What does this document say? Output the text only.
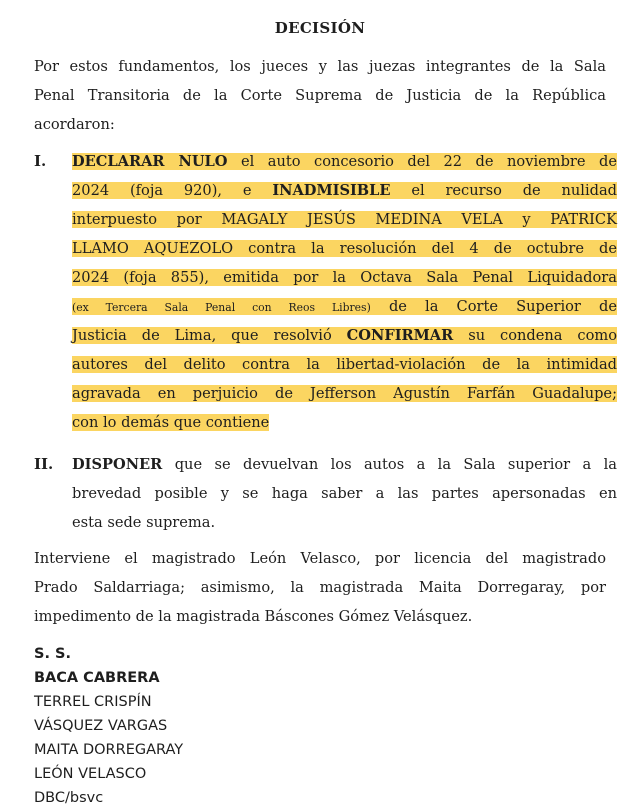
DECISIÓN
Por estos fundamentos, los jueces y las juezas integrantes de la Sala
Penal Transitoria de la Corte Suprema de Justicia de la República
acordaron:
I. DECLARAR NULO el auto concesorio del 22 de noviembre de
2024 (foja 920), e INADMISIBLE el recurso de nulidad
interpuesto por MAGALY JESÚS MEDINA VELA y PATRICK
LLAMO AQUEZOLO contra la resolución del 4 de octubre de
2024 (foja 855), emitida por la Octava Sala Penal Liquidadora
(ex Tercera Sala Penal con Reos Libres) de la Corte Superior de
Justicia de Lima, que resolvió CONFIRMAR su condena como
autores del delito contra la libertad-violación de la intimidad
agravada en perjuicio de Jefferson Agustín Farfán Guadalupe;
con lo demás que contiene
II. DISPONER que se devuelvan los autos a la Sala superior a la
brevedad posible y se haga saber a las partes apersonadas en
esta sede suprema.
Interviene el magistrado León Velasco, por licencia del magistrado
Prado Saldarriaga; asimismo, la magistrada Maita Dorregaray, por
impedimento de la magistrada Báscones Gómez Velásquez.
S. S.
BACA CABRERA
TERREL CRISPÍN
VÁSQUEZ VARGAS
MAITA DORREGARAY
LEÓN VELASCO
DBC/bsvc
